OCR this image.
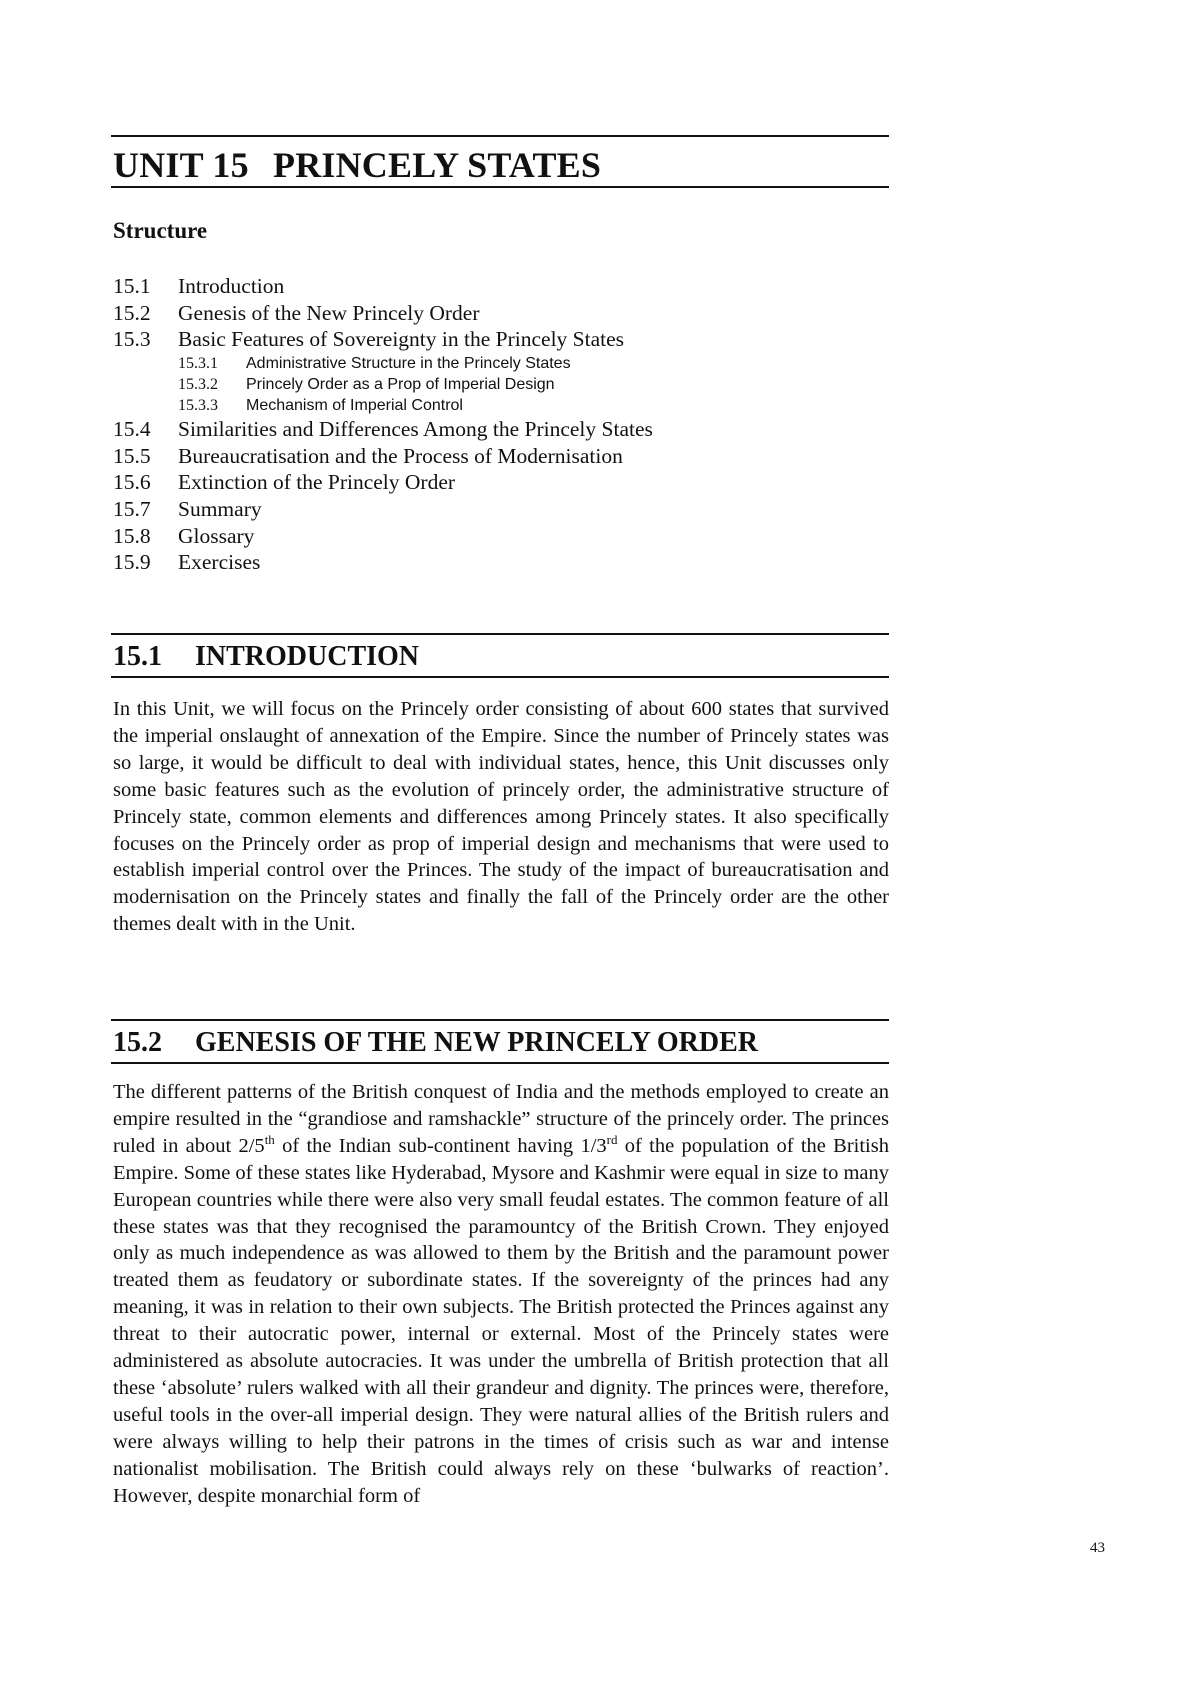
UNIT 15 PRINCELY STATES
Structure
15.1	Introduction
15.2	Genesis of the New Princely Order
15.3	Basic Features of Sovereignty in the Princely States
15.3.1	Administrative Structure in the Princely States
15.3.2	Princely Order as a Prop of Imperial Design
15.3.3	Mechanism of Imperial Control
15.4	Similarities and Differences Among the Princely States
15.5	Bureaucratisation and the Process of Modernisation
15.6	Extinction of the Princely Order
15.7	Summary
15.8	Glossary
15.9	Exercises
15.1 INTRODUCTION
In this Unit, we will focus on the Princely order consisting of about 600 states that survived the imperial onslaught of annexation of the Empire. Since the number of Princely states was so large, it would be difficult to deal with individual states, hence, this Unit discusses only some basic features such as the evolution of princely order, the administrative structure of Princely state, common elements and differences among Princely states. It also specifically focuses on the Princely order as prop of imperial design and mechanisms that were used to establish imperial control over the Princes. The study of the impact of bureaucratisation and modernisation on the Princely states and finally the fall of the Princely order are the other themes dealt with in the Unit.
15.2 GENESIS OF THE NEW PRINCELY ORDER
The different patterns of the British conquest of India and the methods employed to create an empire resulted in the “grandiose and ramshackle” structure of the princely order. The princes ruled in about 2/5th of the Indian sub-continent having 1/3rd of the population of the British Empire. Some of these states like Hyderabad, Mysore and Kashmir were equal in size to many European countries while there were also very small feudal estates. The common feature of all these states was that they recognised the paramountcy of the British Crown. They enjoyed only as much independence as was allowed to them by the British and the paramount power treated them as feudatory or subordinate states. If the sovereignty of the princes had any meaning, it was in relation to their own subjects. The British protected the Princes against any threat to their autocratic power, internal or external. Most of the Princely states were administered as absolute autocracies. It was under the umbrella of British protection that all these ‘absolute’ rulers walked with all their grandeur and dignity. The princes were, therefore, useful tools in the over-all imperial design. They were natural allies of the British rulers and were always willing to help their patrons in the times of crisis such as war and intense nationalist mobilisation. The British could always rely on these ‘bulwarks of reaction’. However, despite monarchial form of
43
